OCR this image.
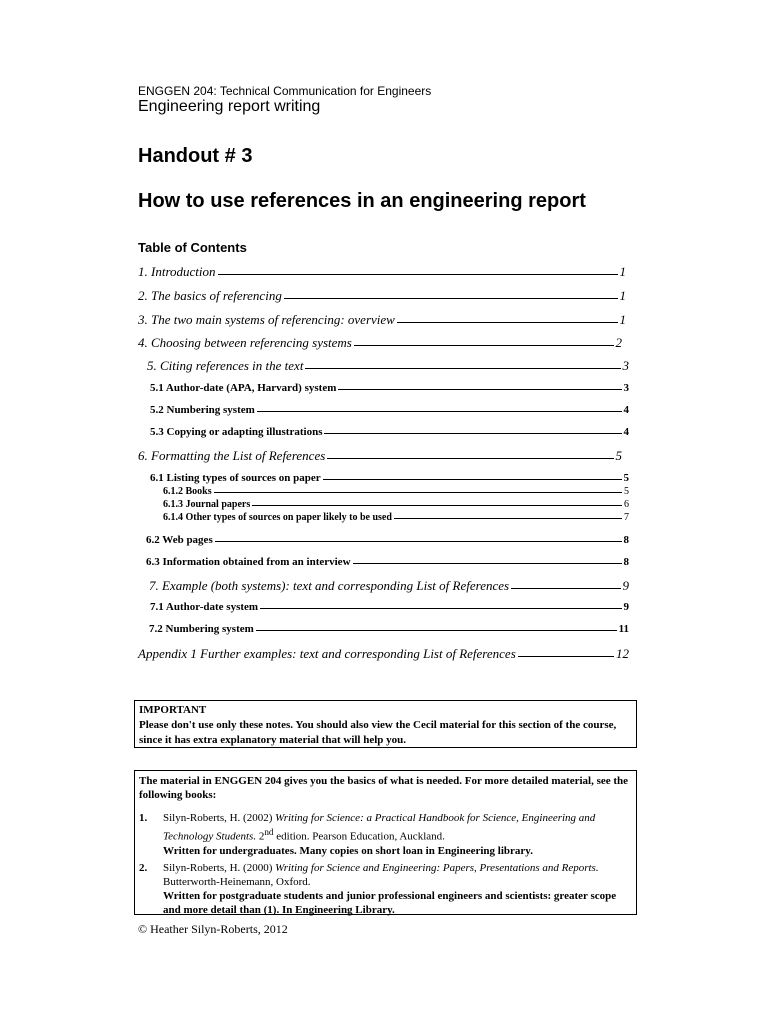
ENGGEN 204: Technical Communication for Engineers
Engineering report writing
Handout # 3
How to use references in an engineering report
Table of Contents
1. Introduction	1
2. The basics of referencing	1
3. The two main systems of referencing: overview	1
4. Choosing between referencing systems	2
5. Citing references in the text	3
5.1 Author-date (APA, Harvard) system	3
5.2 Numbering system	4
5.3 Copying or adapting illustrations	4
6. Formatting the List of References	5
6.1 Listing types of sources on paper	5
6.1.2 Books	5
6.1.3 Journal papers	6
6.1.4 Other types of sources on paper likely to be used	7
6.2 Web pages	8
6.3 Information obtained from an interview	8
7. Example (both systems): text and corresponding List of References	9
7.1 Author-date system	9
7.2 Numbering system	11
Appendix 1 Further examples: text and corresponding List of References	12
IMPORTANT
Please don't use only these notes. You should also view the Cecil material for this section of the course, since it has extra explanatory material that will help you.
The material in ENGGEN 204 gives you the basics of what is needed. For more detailed material, see the following books:
1. Silyn-Roberts, H. (2002) Writing for Science: a Practical Handbook for Science, Engineering and Technology Students. 2nd edition. Pearson Education, Auckland.
Written for undergraduates. Many copies on short loan in Engineering library.
2. Silyn-Roberts, H. (2000) Writing for Science and Engineering: Papers, Presentations and Reports. Butterworth-Heinemann, Oxford.
Written for postgraduate students and junior professional engineers and scientists: greater scope and more detail than (1). In Engineering Library.
© Heather Silyn-Roberts, 2012
